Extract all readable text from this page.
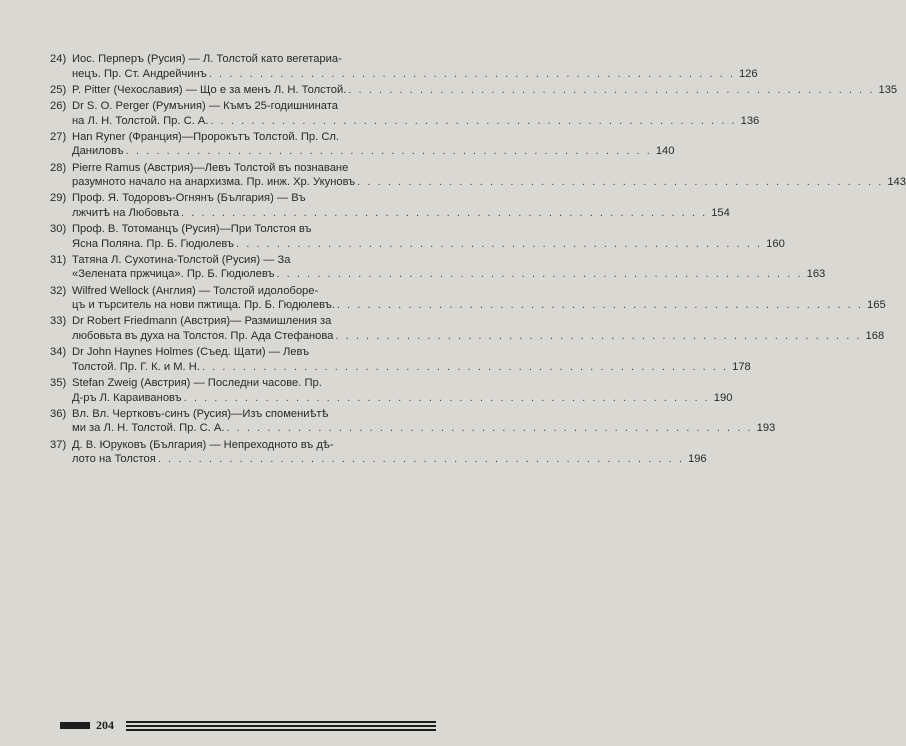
24) Иос. Перперъ (Русия) — Л. Толстой като вегетариа-
нецъ. Пр. Ст. Андрейчинъ . . . . . . . . . . . . . . . . . . . . . . . . . . . . . . . . . . . . . . . . . . . . . . . . . . . . 126
25) P. Pitter (Чехославия) — Що е за менъ Л. Н. Толстой. . . . . . . . . . . . . . . . . . . . . . . . . . . . . . . . . . . . . . . . . . . . . . . . . . . . . 135
26) Dr S. O. Perger (Румъния) — Къмъ 25-годишнината
на Л. Н. Толстой. Пр. С. А. . . . . . . . . . . . . . . . . . . . . . . . . . . . . . . . . . . . . . . . . . . . . . . . . . . . . 136
27) Han Ryner (Франция)—Пророкътъ Толстой. Пр. Сл.
Даниловъ . . . . . . . . . . . . . . . . . . . . . . . . . . . . . . . . . . . . . . . . . . . . . . . . . . . . 140
28) Pierre Ramus (Австрия)—Левъ Толстой въ познаване
разумното начало на анархизма. Пр. инж. Хр. Укуновъ . . . . . . . . . . . . . . . . . . . . . . . . . . . . . . . . . . . . . . . . . . . . . . . . . . . . 143
29) Проф. Я. Тодоровъ-Огнянъ (България) — Въ
лжчитѣ на Любовьта . . . . . . . . . . . . . . . . . . . . . . . . . . . . . . . . . . . . . . . . . . . . . . . . . . . . 154
30) Проф. В. Тотоманцъ (Русия)—При Толстоя въ
Ясна Поляна. Пр. Б. Гюдюлевъ . . . . . . . . . . . . . . . . . . . . . . . . . . . . . . . . . . . . . . . . . . . . . . . . . . . . 160
31) Татяна Л. Сухотина-Толстой (Русия) — За
«Зелената пржчица». Пр. Б. Гюдюлевъ . . . . . . . . . . . . . . . . . . . . . . . . . . . . . . . . . . . . . . . . . . . . . . . . . . . . 163
32) Wilfred Wellock (Англия) — Толстой идолоборе-
цъ и търситель на нови пжтища. Пр. Б. Гюдюлевъ. . . . . . . . . . . . . . . . . . . . . . . . . . . . . . . . . . . . . . . . . . . . . . . . . . . . . 165
33) Dr Robert Friedmann (Австрия)— Размишления за
любовьта въ духа на Толстоя. Пр. Ада Стефанова . . . . . . . . . . . . . . . . . . . . . . . . . . . . . . . . . . . . . . . . . . . . . . . . . . . . 168
34) Dr John Haynes Holmes (Съед. Щати) — Левъ
Толстой. Пр. Г. К. и М. Н. . . . . . . . . . . . . . . . . . . . . . . . . . . . . . . . . . . . . . . . . . . . . . . . . . . . . 178
35) Stefan Zweig (Австрия) — Последни часове. Пр.
Д-ръ Л. Караивановъ . . . . . . . . . . . . . . . . . . . . . . . . . . . . . . . . . . . . . . . . . . . . . . . . . . . . 190
36) Вл. Вл. Чертковъ-синъ (Русия)—Изъ спомениѣтѣ
ми за Л. Н. Толстой. Пр. С. А. . . . . . . . . . . . . . . . . . . . . . . . . . . . . . . . . . . . . . . . . . . . . . . . . . . . . 193
37) Д. В. Юруковъ (България) — Непреходното въ дѣ-
лото на Толстоя . . . . . . . . . . . . . . . . . . . . . . . . . . . . . . . . . . . . . . . . . . . . . . . . . . . . 196
204
